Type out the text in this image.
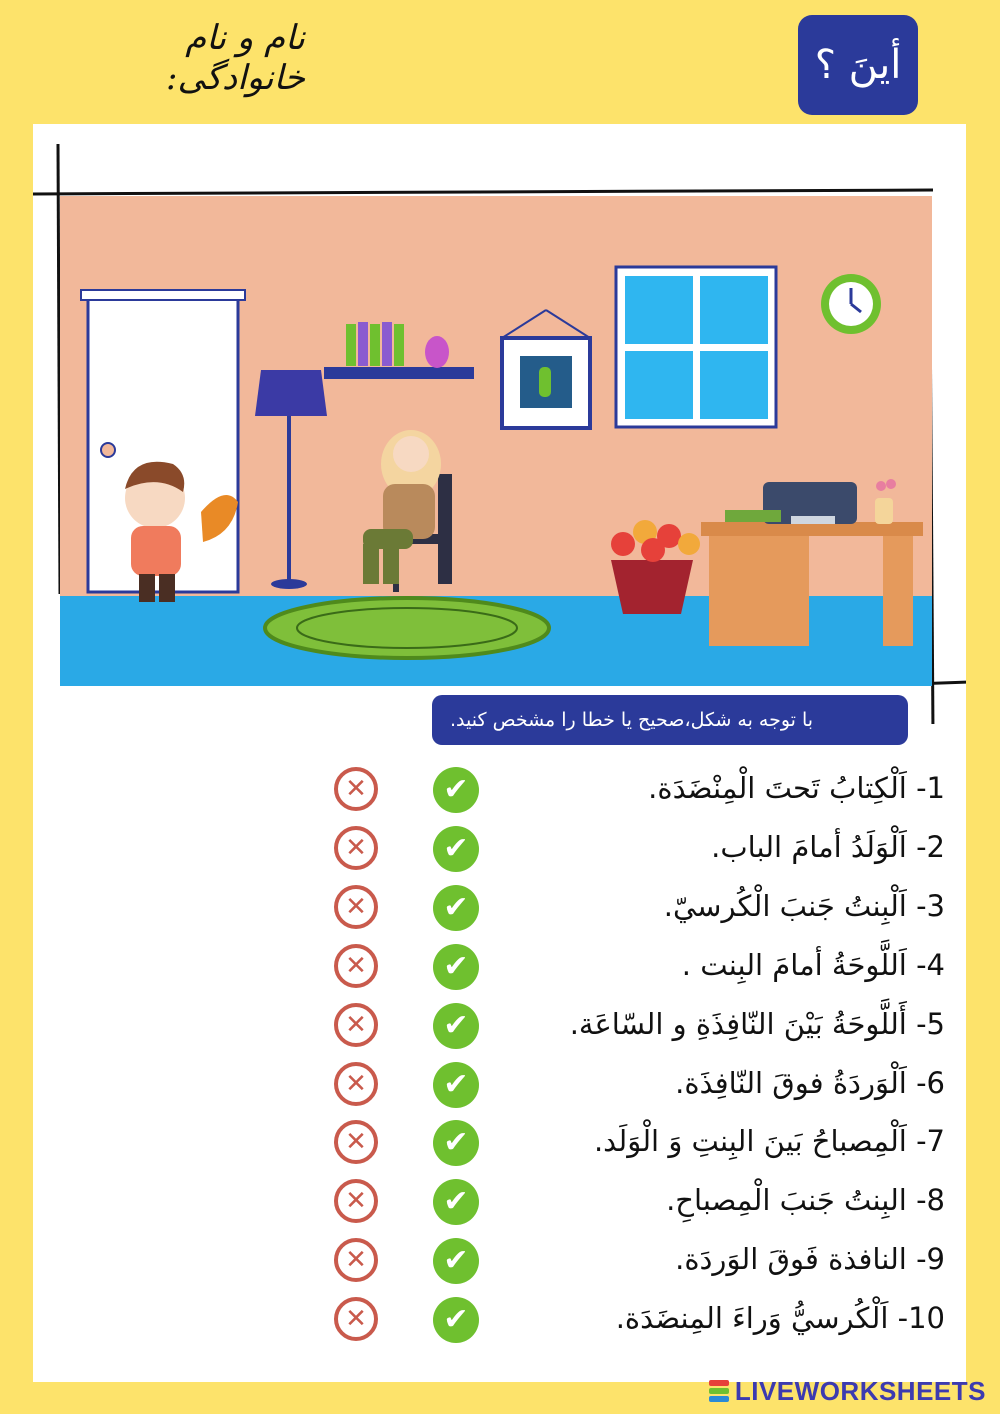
نام و نام خانوادگی:	أينَ ؟
با توجه به شکل،صحیح یا خطا را مشخص کنید.
✕	✔	1- اَلْكِتابُ تَحتَ الْمِنْضَدَة.
✕	✔	2- اَلْوَلَدُ أمامَ الباب.
✕	✔	3- اَلْبِنتُ جَنبَ الْكُرسيّ.
✕	✔	4- اَللَّوحَةُ أمامَ البِنت .
✕	✔	5- أَللَّوحَةُ بَيْنَ النّافِذَةِ و السّاعَة.
✕	✔	6- اَلْوَردَةُ فوقَ النّافِذَة.
✕	✔	7- اَلْمِصباحُ بَينَ البِنتِ وَ الْوَلَد.
✕	✔	8- البِنتُ جَنبَ الْمِصباحِ.
✕	✔	9- النافذة فَوقَ الوَردَة.
✕	✔	10- اَلْكُرسيُّ وَراءَ المِنضَدَة.
LIVEWORKSHEETS
